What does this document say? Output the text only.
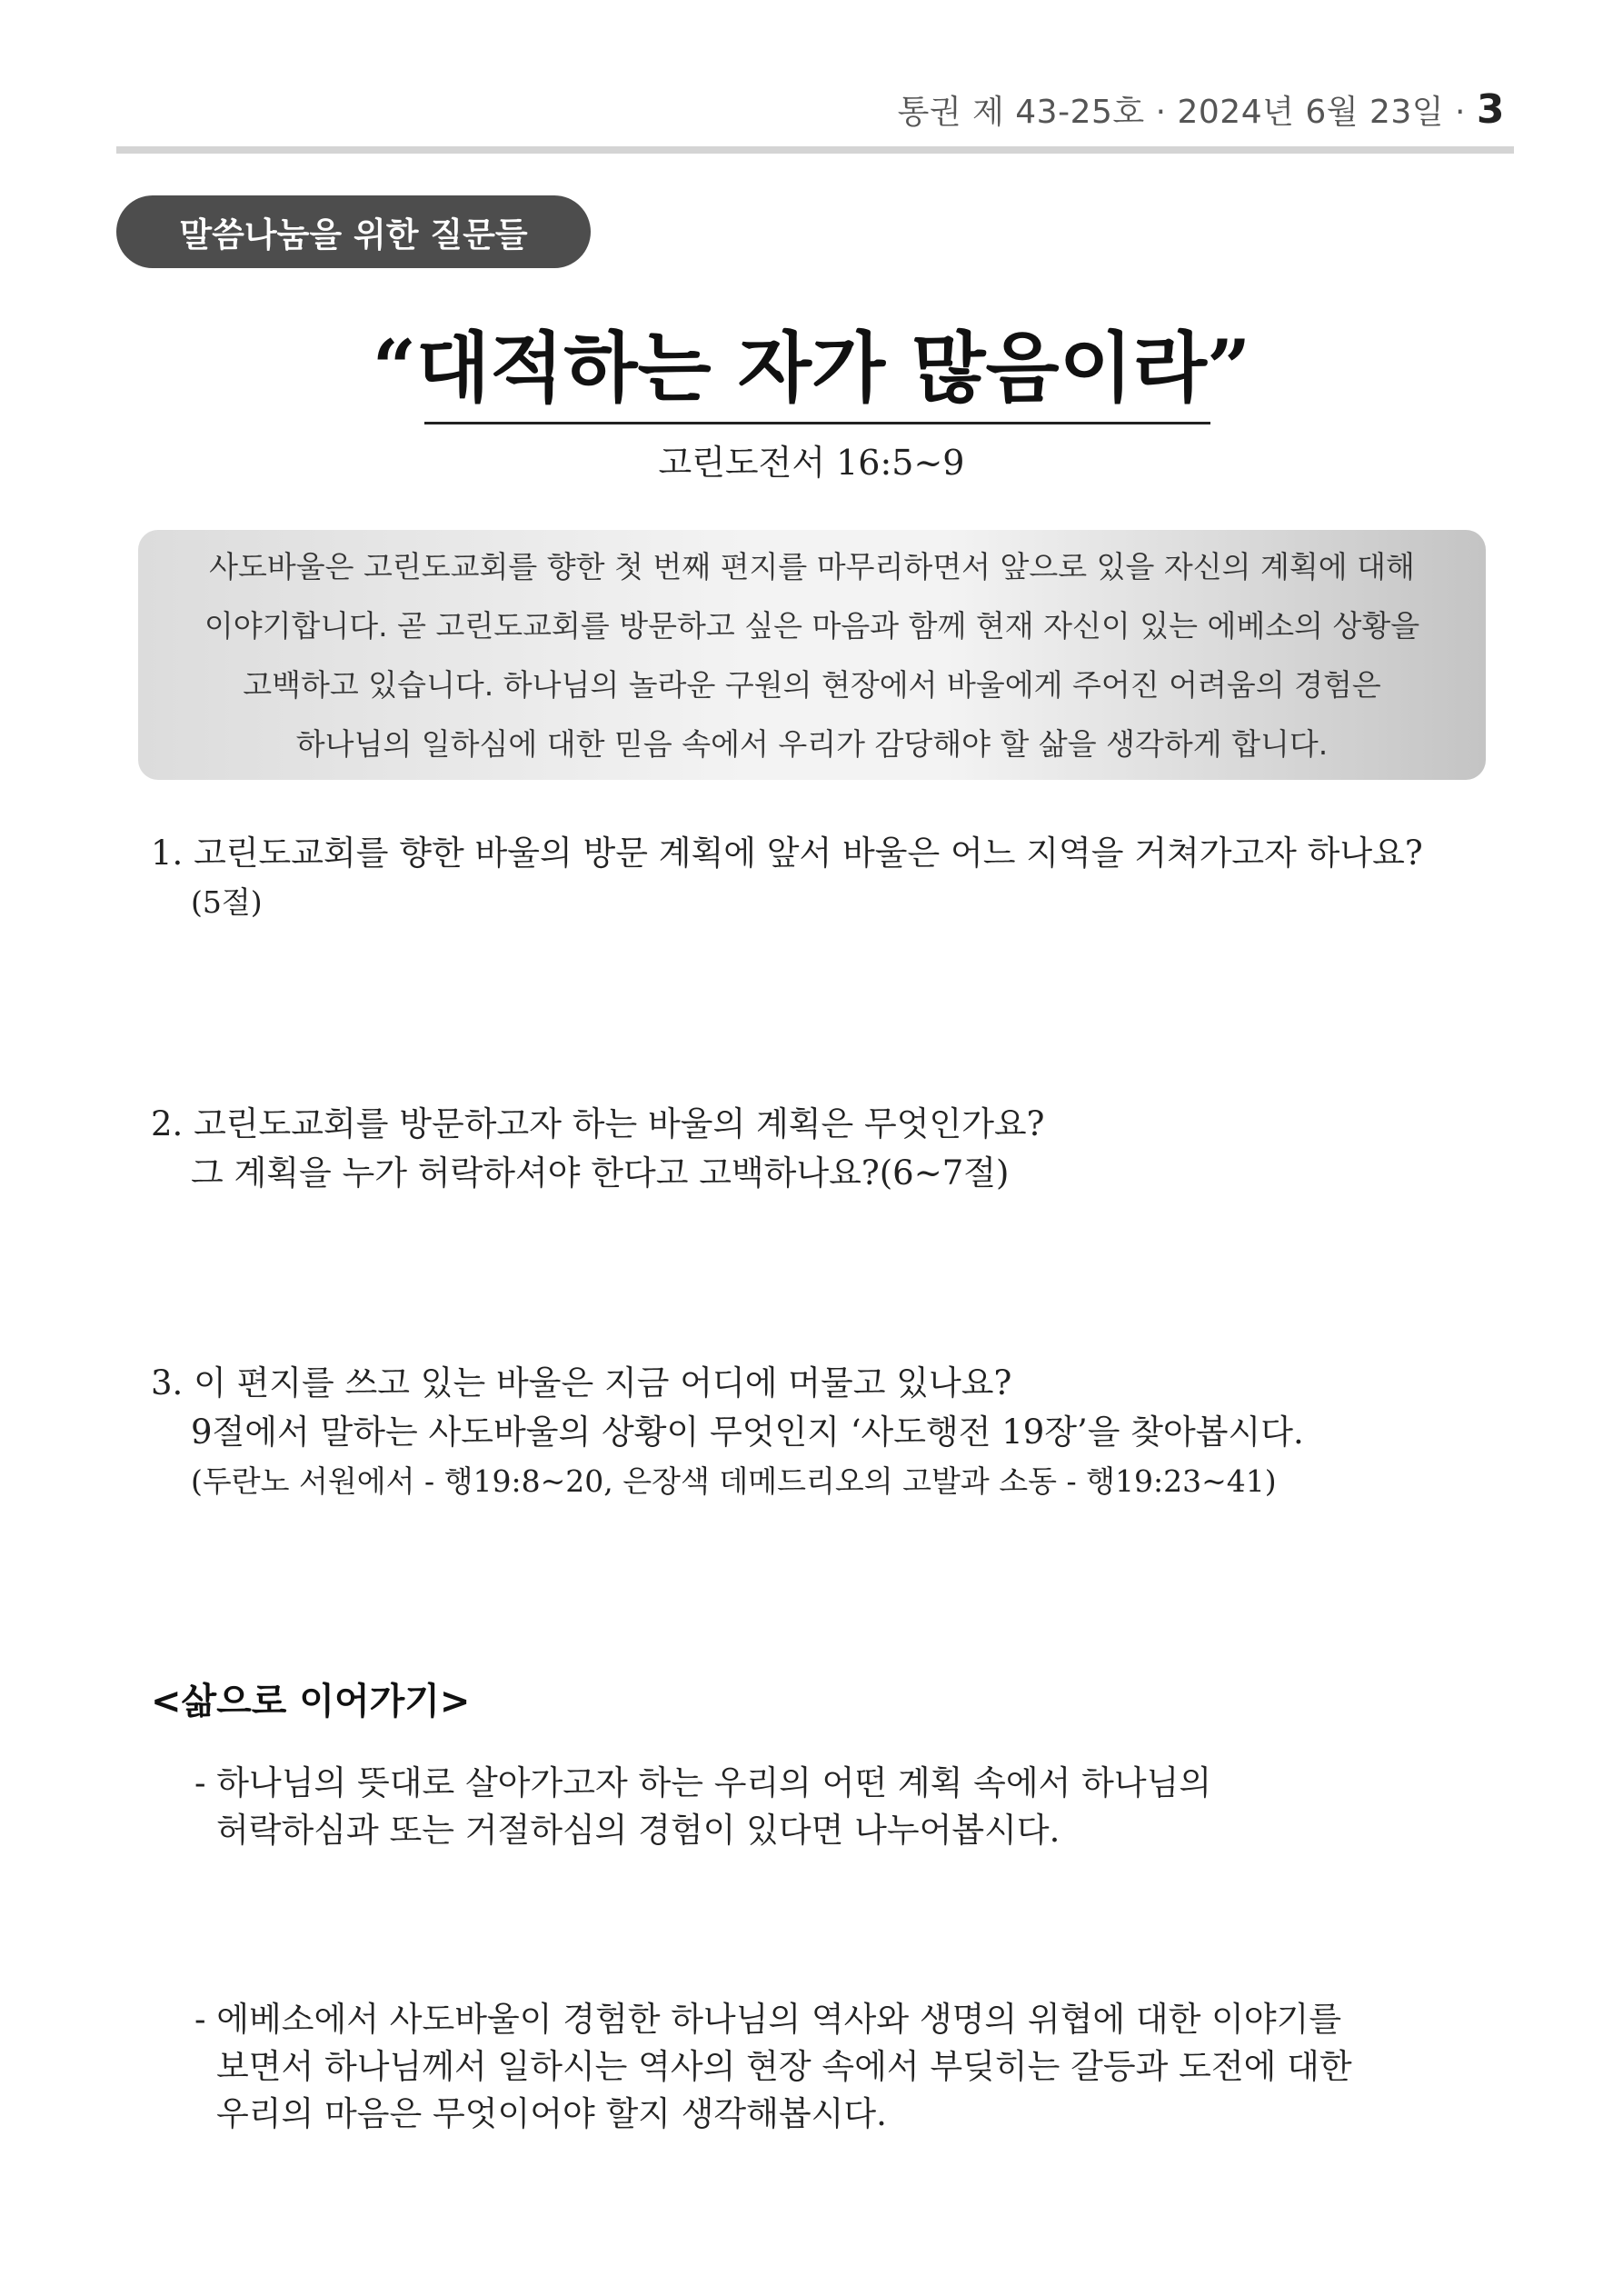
통권 제 43-25호 · 2024년 6월 23일 · 3
말씀나눔을 위한 질문들
“대적하는 자가 많음이라”
고린도전서 16:5~9
사도바울은 고린도교회를 향한 첫 번째 편지를 마무리하면서 앞으로 있을 자신의 계획에 대해
이야기합니다. 곧 고린도교회를 방문하고 싶은 마음과 함께 현재 자신이 있는 에베소의 상황을
고백하고 있습니다. 하나님의 놀라운 구원의 현장에서 바울에게 주어진 어려움의 경험은
하나님의 일하심에 대한 믿음 속에서 우리가 감당해야 할 삶을 생각하게 합니다.
1. 고린도교회를 향한 바울의 방문 계획에 앞서 바울은 어느 지역을 거쳐가고자 하나요?
(5절)
2. 고린도교회를 방문하고자 하는 바울의 계획은 무엇인가요?
그 계획을 누가 허락하셔야 한다고 고백하나요?(6~7절)
3. 이 편지를 쓰고 있는 바울은 지금 어디에 머물고 있나요?
9절에서 말하는 사도바울의 상황이 무엇인지 ‘사도행전 19장’을 찾아봅시다.
(두란노 서원에서 - 행19:8~20, 은장색 데메드리오의 고발과 소동 - 행19:23~41)
<삶으로 이어가기>
- 하나님의 뜻대로 살아가고자 하는 우리의 어떤 계획 속에서 하나님의
허락하심과 또는 거절하심의 경험이 있다면 나누어봅시다.
- 에베소에서 사도바울이 경험한 하나님의 역사와 생명의 위협에 대한 이야기를
보면서 하나님께서 일하시는 역사의 현장 속에서 부딪히는 갈등과 도전에 대한
우리의 마음은 무엇이어야 할지 생각해봅시다.
